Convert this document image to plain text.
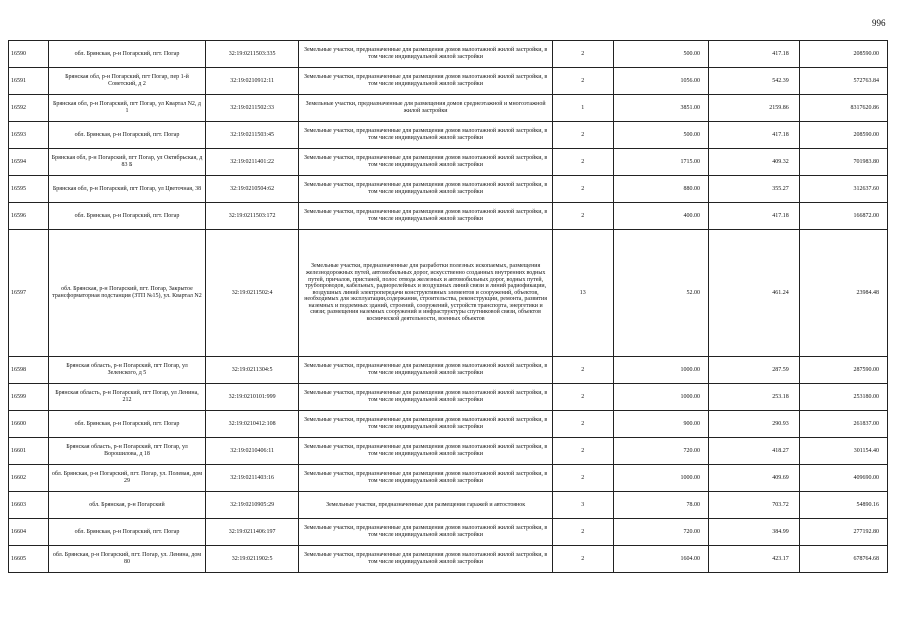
996
16590	обл. Брянская, р-н Погарский, пгт. Погар	32:19:0211503:335	Земельные участки, предназначенные для размещения домов малоэтажной жилой застройки, в том числе индивидуальной жилой застройки	2	500.00	417.18	208590.00
16591	Брянская обл, р-н Погарский, пгт Погар, пер 1-й Советский, д 2	32:19:0210912:11	Земельные участки, предназначенные для размещения домов малоэтажной жилой застройки, в том числе индивидуальной жилой застройки	2	1056.00	542.39	572763.84
16592	Брянская обл, р-н Погарский, пгт Погар, ул Квартал N2, д 1	32:19:0211502:33	Земельные участки, предназначенные для размещения домов среднеэтажной и многоэтажной жилой застройки	1	3851.00	2159.86	8317620.86
16593	обл. Брянская, р-н Погарский, пгт. Погар	32:19:0211503:45	Земельные участки, предназначенные для размещения домов малоэтажной жилой застройки, в том числе индивидуальной жилой застройки	2	500.00	417.18	208590.00
16594	Брянская обл, р-н Погарский, пгт Погар, ул Октябрьская, д 83 Б	32:19:0211401:22	Земельные участки, предназначенные для размещения домов малоэтажной жилой застройки, в том числе индивидуальной жилой застройки	2	1715.00	409.32	701983.80
16595	Брянская обл, р-н Погарский, пгт Погар, ул Цветочная, 38	32:19:0210504:62	Земельные участки, предназначенные для размещения домов малоэтажной жилой застройки, в том числе индивидуальной жилой застройки	2	880.00	355.27	312637.60
16596	обл. Брянская, р-н Погарский, пгт. Погар	32:19:0211503:172	Земельные участки, предназначенные для размещения домов малоэтажной жилой застройки, в том числе индивидуальной жилой застройки	2	400.00	417.18	166872.00
16597	обл. Брянская, р-н Погарский, пгт. Погар, Закрытое трансформаторная подстанция (ЗТП №15), ул. Квартал N2	32:19:0211502:4	Земельные участки, предназначенные для разработки полезных ископаемых, размещения железнодорожных путей, автомобильных дорог, искусственно созданных внутренних водных путей, причалов, пристаней, полос отвода железных и автомобильных дорог, водных путей, трубопроводов, кабельных, радиорелейных и воздушных линий связи и линий радиофикации, воздушных линий электропередачи конструктивных элементов и сооружений, объектов, необходимых для эксплуатации,содержания, строительства, реконструкции, ремонта, развития наземных и подземных зданий, строений, сооружений, устройств транспорта, энергетики и связи; размещения наземных сооружений и инфраструктуры спутниковой связи, объектов космической деятельности, военных объектов	13	52.00	461.24	23984.48
16598	Брянская область, р-н Погарский, пгт Погар, ул Зеленского, д 5	32:19:0211304:5	Земельные участки, предназначенные для размещения домов малоэтажной жилой застройки, в том числе индивидуальной жилой застройки	2	1000.00	287.59	287590.00
16599	Брянская область, р-н Погарский, пгт Погар, ул Ленина, 212	32:19:0210101:999	Земельные участки, предназначенные для размещения домов малоэтажной жилой застройки, в том числе индивидуальной жилой застройки	2	1000.00	253.18	253180.00
16600	обл. Брянская, р-н Погарский, пгт. Погар	32:19:0210412:108	Земельные участки, предназначенные для размещения домов малоэтажной жилой застройки, в том числе индивидуальной жилой застройки	2	900.00	290.93	261837.00
16601	Брянская область, р-н Погарский, пгт Погар, ул Ворошилова, д 18	32:19:0210406:11	Земельные участки, предназначенные для размещения домов малоэтажной жилой застройки, в том числе индивидуальной жилой застройки	2	720.00	418.27	301154.40
16602	обл. Брянская, р-н Погарский, пгт. Погар, ул. Полевая, дом 29	32:19:0211403:16	Земельные участки, предназначенные для размещения домов малоэтажной жилой застройки, в том числе индивидуальной жилой застройки	2	1000.00	409.69	409690.00
16603	обл. Брянская, р-н Погарский	32:19:0210905:29	Земельные участки, предназначенные для размещения гаражей и автостоянок	3	78.00	703.72	54890.16
16604	обл. Брянская, р-н Погарский, пгт. Погар	32:19:0211406:197	Земельные участки, предназначенные для размещения домов малоэтажной жилой застройки, в том числе индивидуальной жилой застройки	2	720.00	384.99	277192.80
16605	обл. Брянская, р-н Погарский, пгт. Погар, ул. Ленина, дом 80	32:19:0211902:5	Земельные участки, предназначенные для размещения домов малоэтажной жилой застройки, в том числе индивидуальной жилой застройки	2	1604.00	423.17	678764.68
